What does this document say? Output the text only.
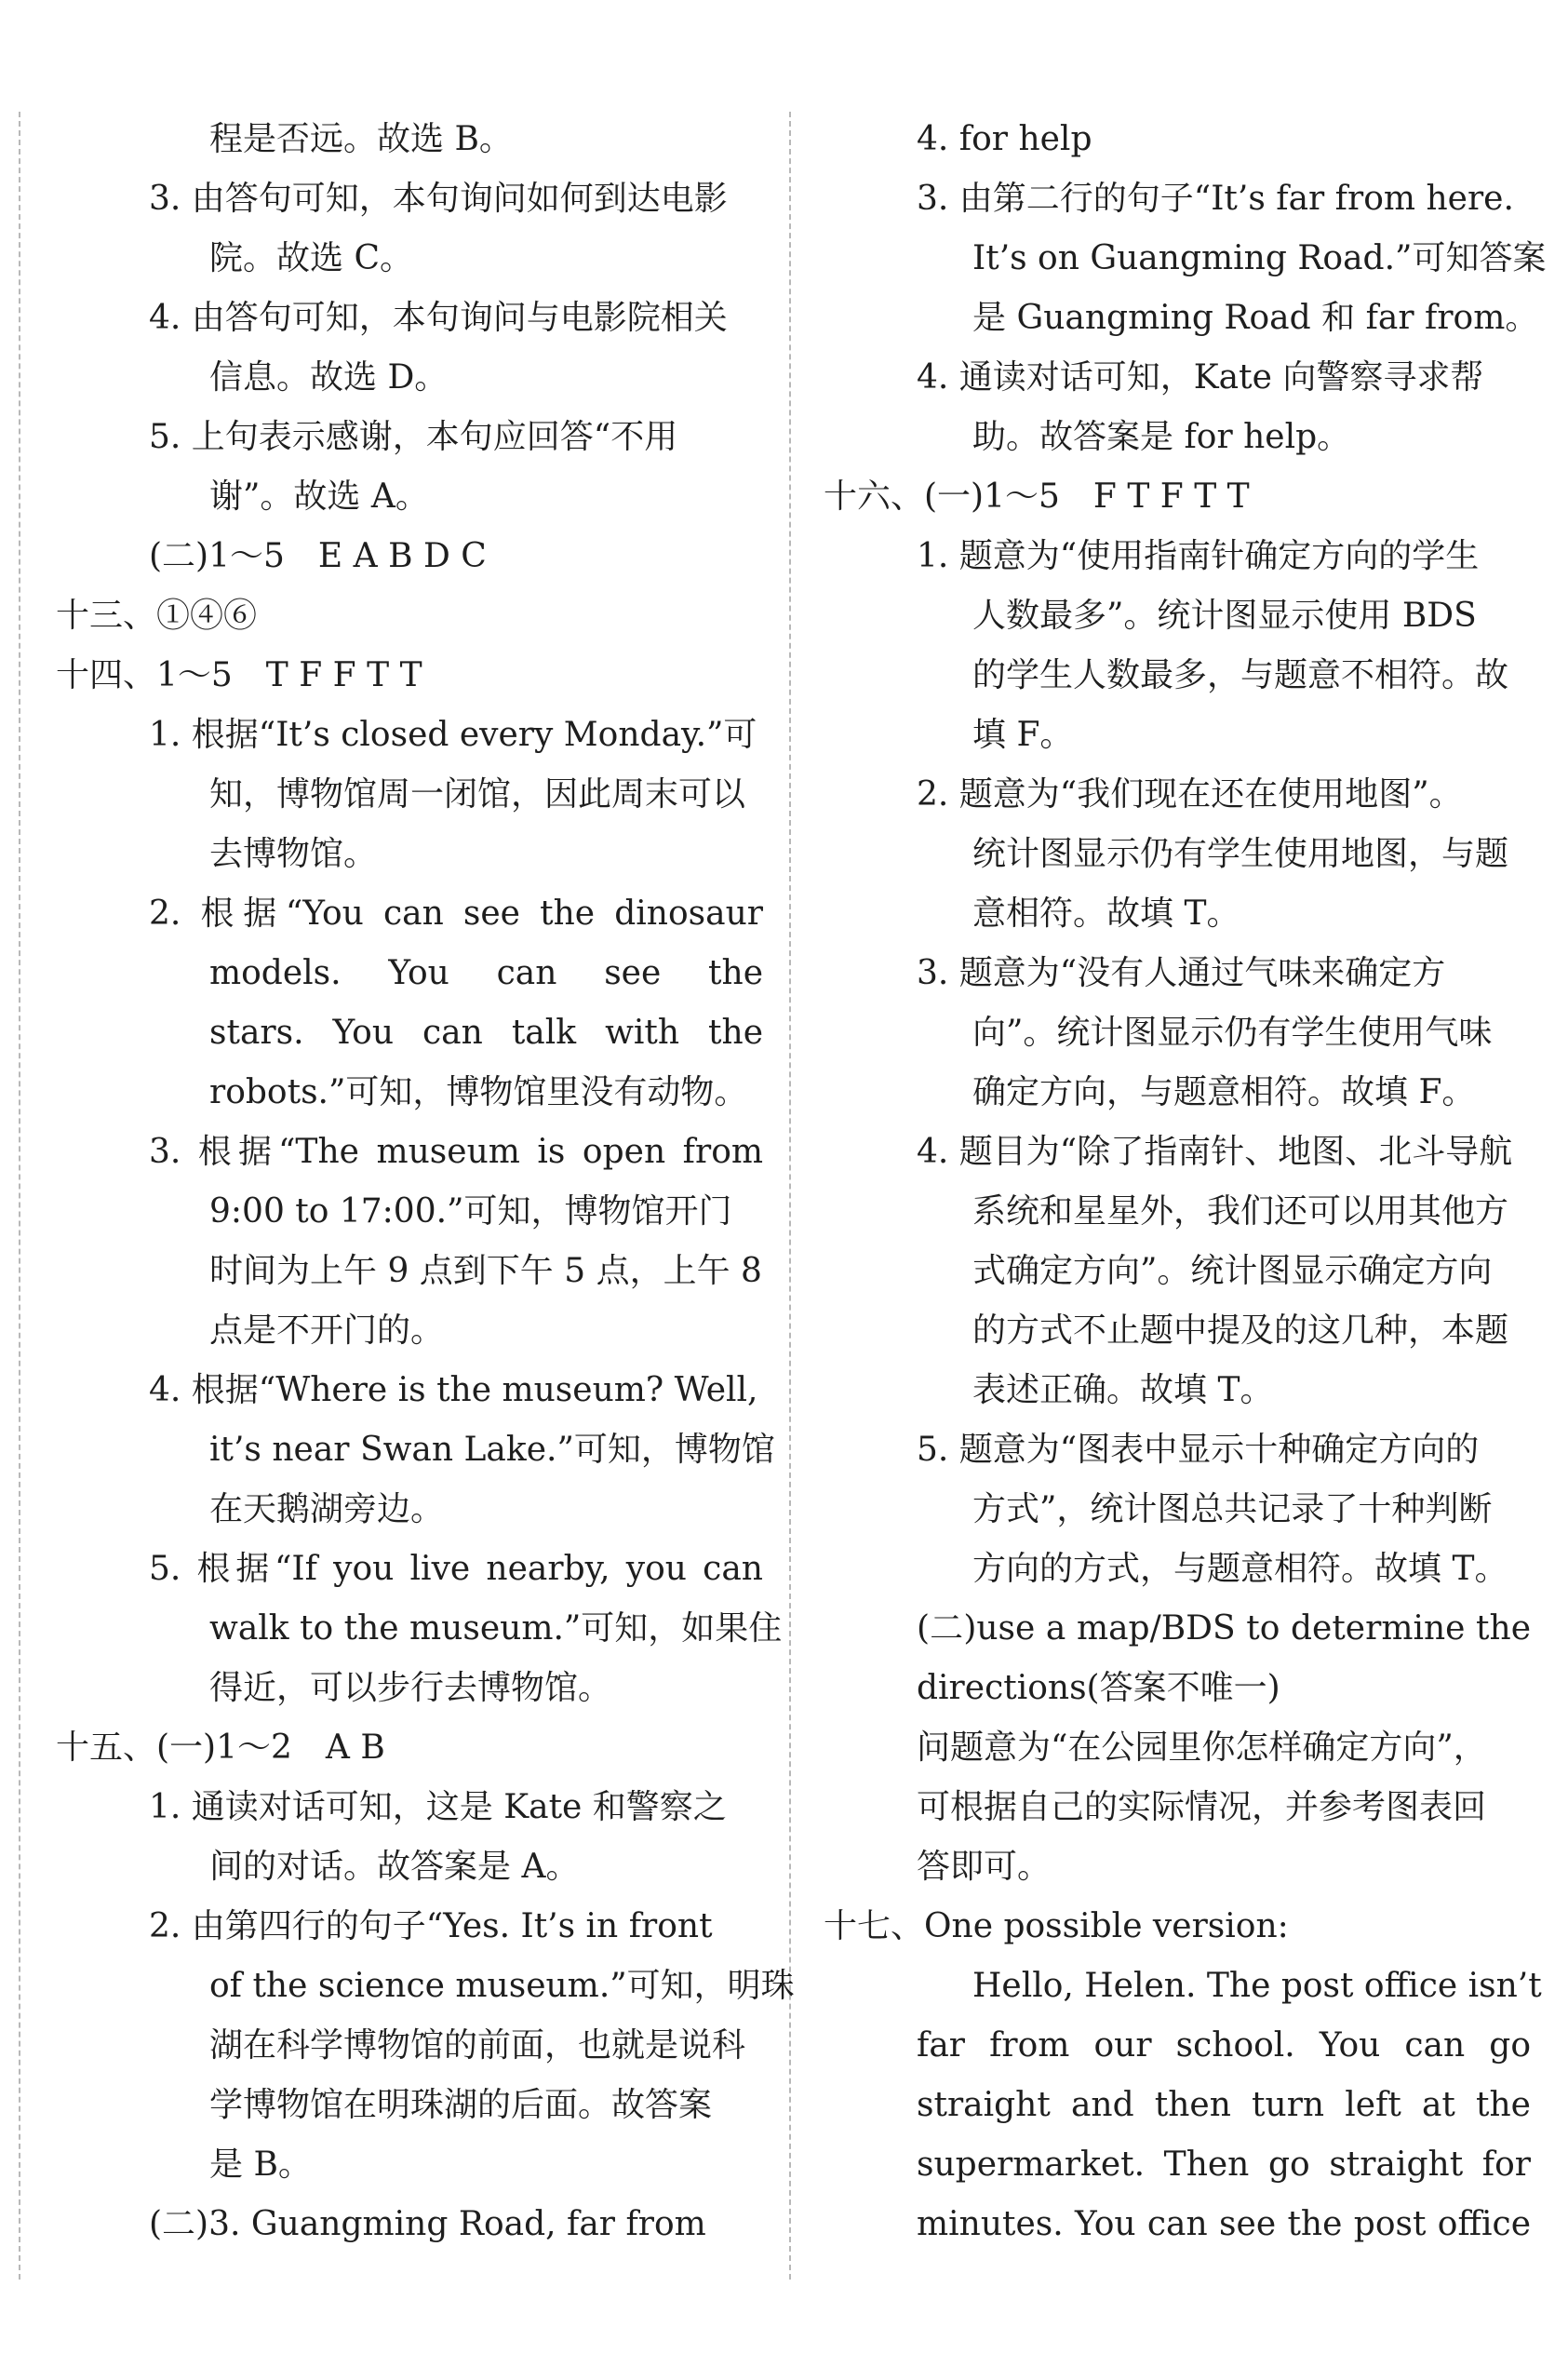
程是否远。故选 B。
3. 由答句可知，本句询问如何到达电影
院。故选 C。
4. 由答句可知，本句询问与电影院相关
信息。故选 D。
5. 上句表示感谢，本句应回答“不用
谢”。故选 A。
(二)1～5　E A B D C
十三、①④⑥
十四、1～5　T F F T T
1. 根据“It’s closed every Monday.”可
知，博物馆周一闭馆，因此周末可以
去博物馆。
2. 根据“You can see the dinosaur
models. You can see the
stars. You can talk with the
robots.”可知，博物馆里没有动物。
3. 根据“The museum is open from
9:00 to 17:00.”可知，博物馆开门
时间为上午 9 点到下午 5 点，上午 8
点是不开门的。
4. 根据“Where is the museum? Well,
it’s near Swan Lake.”可知，博物馆
在天鹅湖旁边。
5. 根据“If you live nearby, you can
walk to the museum.”可知，如果住
得近，可以步行去博物馆。
十五、(一)1～2　A B
1. 通读对话可知，这是 Kate 和警察之
间的对话。故答案是 A。
2. 由第四行的句子“Yes. It’s in front
of the science museum.”可知，明珠
湖在科学博物馆的前面，也就是说科
学博物馆在明珠湖的后面。故答案
是 B。
(二)3. Guangming Road, far from
4. for help
3. 由第二行的句子“It’s far from here.
It’s on Guangming Road.”可知答案
是 Guangming Road 和 far from。
4. 通读对话可知，Kate 向警察寻求帮
助。故答案是 for help。
十六、(一)1～5　F T F T T
1. 题意为“使用指南针确定方向的学生
人数最多”。统计图显示使用 BDS
的学生人数最多，与题意不相符。故
填 F。
2. 题意为“我们现在还在使用地图”。
统计图显示仍有学生使用地图，与题
意相符。故填 T。
3. 题意为“没有人通过气味来确定方
向”。统计图显示仍有学生使用气味
确定方向，与题意相符。故填 F。
4. 题目为“除了指南针、地图、北斗导航
系统和星星外，我们还可以用其他方
式确定方向”。统计图显示确定方向
的方式不止题中提及的这几种，本题
表述正确。故填 T。
5. 题意为“图表中显示十种确定方向的
方式”，统计图总共记录了十种判断
方向的方式，与题意相符。故填 T。
(二)use a map/BDS to determine the
directions(答案不唯一)
问题意为“在公园里你怎样确定方向”，
可根据自己的实际情况，并参考图表回
答即可。
十七、One possible version:
Hello, Helen. The post office isn’t
far from our school. You can go
straight and then turn left at the
supermarket. Then go straight for
minutes. You can see the post office
